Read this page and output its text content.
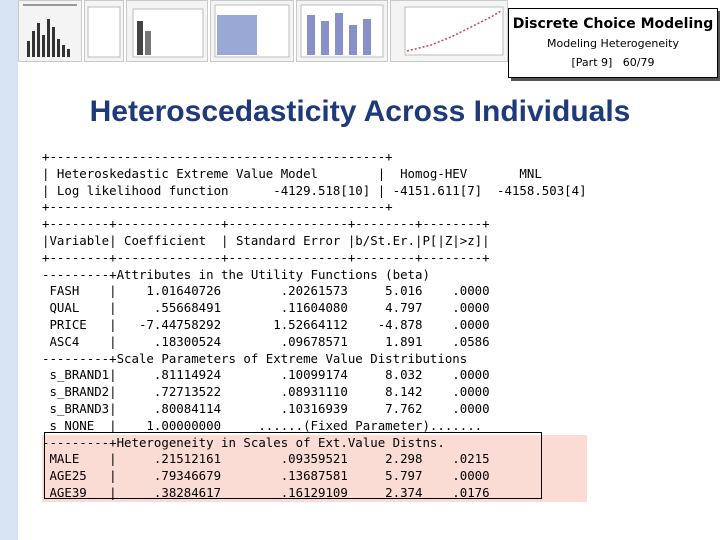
Discrete Choice Modeling
Modeling Heterogeneity
[Part 9] 60/79
Heteroscedasticity Across Individuals
+---------------------------------------------+
| Heteroskedastic Extreme Value Model        |  Homog-HEV       MNL
| Log likelihood function      -4129.518[10] | -4151.611[7]  -4158.503[4]
+---------------------------------------------+
+--------+--------------+----------------+--------+--------+
|Variable| Coefficient  | Standard Error |b/St.Er.|P[|Z|>z]|
+--------+--------------+----------------+--------+--------+
---------+Attributes in the Utility Functions (beta)
FASH    |    1.01640726        .20261573     5.016    .0000
QUAL    |     .55668491        .11604080     4.797    .0000
PRICE   |   -7.44758292       1.52664112    -4.878    .0000
ASC4    |     .18300524        .09678571     1.891    .0586
---------+Scale Parameters of Extreme Value Distributions
s_BRAND1|     .81114924        .10099174     8.032    .0000
s_BRAND2|     .72713522        .08931110     8.142    .0000
s_BRAND3|     .80084114        .10316939     7.762    .0000
s_NONE  |    1.00000000     ......(Fixed Parameter).......
---------+Heterogeneity in Scales of Ext.Value Distns.
MALE    |     .21512161        .09359521     2.298    .0215
AGE25   |     .79346679        .13687581     5.797    .0000
AGE39   |     .38284617        .16129109     2.374    .0176
